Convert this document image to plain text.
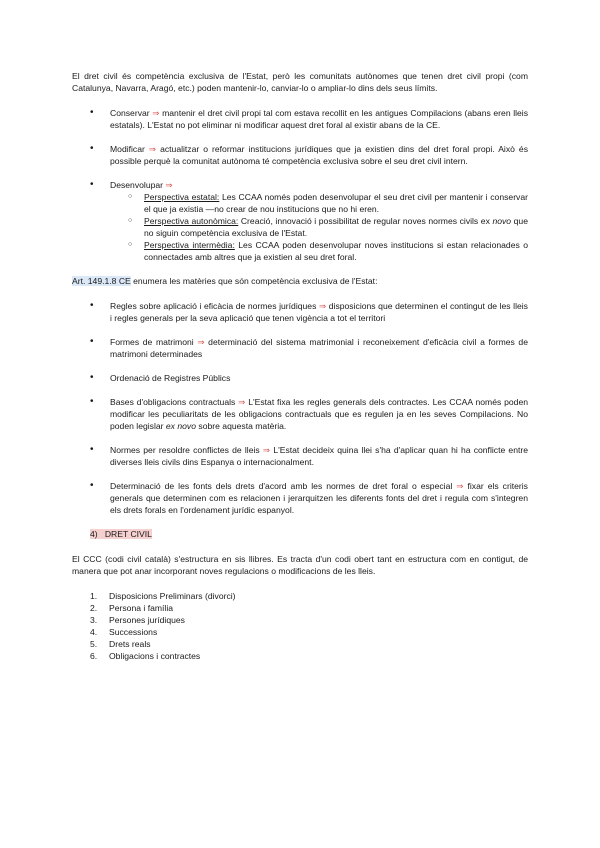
El dret civil és competència exclusiva de l'Estat, però les comunitats autònomes que tenen dret civil propi (com Catalunya, Navarra, Aragó, etc.) poden mantenir-lo, canviar-lo o ampliar-lo dins dels seus límits.

• Conservar ⇒ mantenir el dret civil propi tal com estava recollit en les antigues Compilacions (abans eren lleis estatals). L'Estat no pot eliminar ni modificar aquest dret foral al existir abans de la CE.
• Modificar ⇒ actualitzar o reformar institucions jurídiques que ja existien dins del dret foral propi. Això és possible perquè la comunitat autònoma té competència exclusiva sobre el seu dret civil intern.
• Desenvolupar ⇒
○ Perspectiva estatal: Les CCAA només poden desenvolupar el seu dret civil per mantenir i conservar el que ja existia —no crear de nou institucions que no hi eren.
○ Perspectiva autonòmica: Creació, innovació i possibilitat de regular noves normes civils ex novo que no siguin competència exclusiva de l'Estat.
○ Perspectiva intermèdia: Les CCAA poden desenvolupar noves institucions si estan relacionades o connectades amb altres que ja existien al seu dret foral.

Art. 149.1.8 CE enumera les matèries que són competència exclusiva de l'Estat:

• Regles sobre aplicació i eficàcia de normes jurídiques ⇒ disposicions que determinen el contingut de les lleis i regles generals per la seva aplicació que tenen vigència a tot el territori
• Formes de matrimoni ⇒ determinació del sistema matrimonial i reconeixement d'eficàcia civil a formes de matrimoni determinades
• Ordenació de Registres Públics
• Bases d'obligacions contractuals ⇒ L'Estat fixa les regles generals dels contractes. Les CCAA només poden modificar les peculiaritats de les obligacions contractuals que es regulen ja en les seves Compilacions. No poden legislar ex novo sobre aquesta matèria.
• Normes per resoldre conflictes de lleis ⇒ L'Estat decideix quina llei s'ha d'aplicar quan hi ha conflicte entre diverses lleis civils dins Espanya o internacionalment.
• Determinació de les fonts dels drets d'acord amb les normes de dret foral o especial ⇒ fixar els criteris generals que determinen com es relacionen i jerarquitzen les diferents fonts del dret i regula com s'integren els drets forals en l'ordenament jurídic espanyol.

4) DRET CIVIL

El CCC (codi civil català) s'estructura en sis llibres. Es tracta d'un codi obert tant en estructura com en contigut, de manera que pot anar incorporant noves regulacions o modificacions de les lleis.

1. Disposicions Preliminars (divorci)
2. Persona i família
3. Persones jurídiques
4. Successions
5. Drets reals
6. Obligacions i contractes
